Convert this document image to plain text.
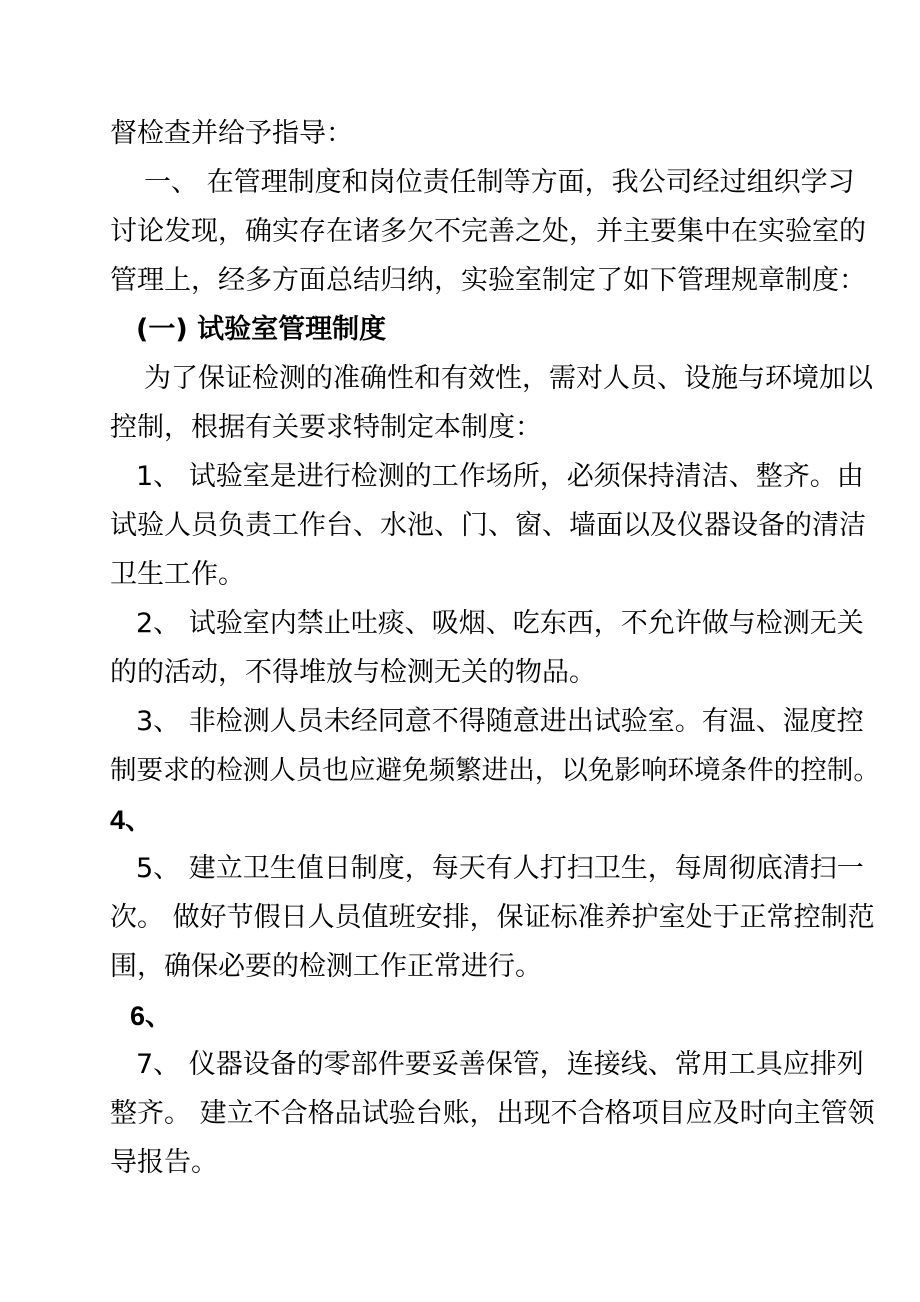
督检查并给予指导：
一、 在管理制度和岗位责任制等方面，我公司经过组织学习
讨论发现，确实存在诸多欠不完善之处，并主要集中在实验室的
管理上，经多方面总结归纳，实验室制定了如下管理规章制度：
(一) 试验室管理制度
为了保证检测的准确性和有效性，需对人员、设施与环境加以
控制，根据有关要求特制定本制度：
1、 试验室是进行检测的工作场所，必须保持清洁、整齐。由
试验人员负责工作台、水池、门、窗、墙面以及仪器设备的清洁
卫生工作。
2、 试验室内禁止吐痰、吸烟、吃东西，不允许做与检测无关
的的活动，不得堆放与检测无关的物品。
3、 非检测人员未经同意不得随意进出试验室。有温、湿度控
制要求的检测人员也应避免频繁进出，以免影响环境条件的控制。
4、
5、 建立卫生值日制度，每天有人打扫卫生，每周彻底清扫一
次。 做好节假日人员值班安排，保证标准养护室处于正常控制范
围，确保必要的检测工作正常进行。
6、
7、 仪器设备的零部件要妥善保管，连接线、常用工具应排列
整齐。 建立不合格品试验台账，出现不合格项目应及时向主管领
导报告。
